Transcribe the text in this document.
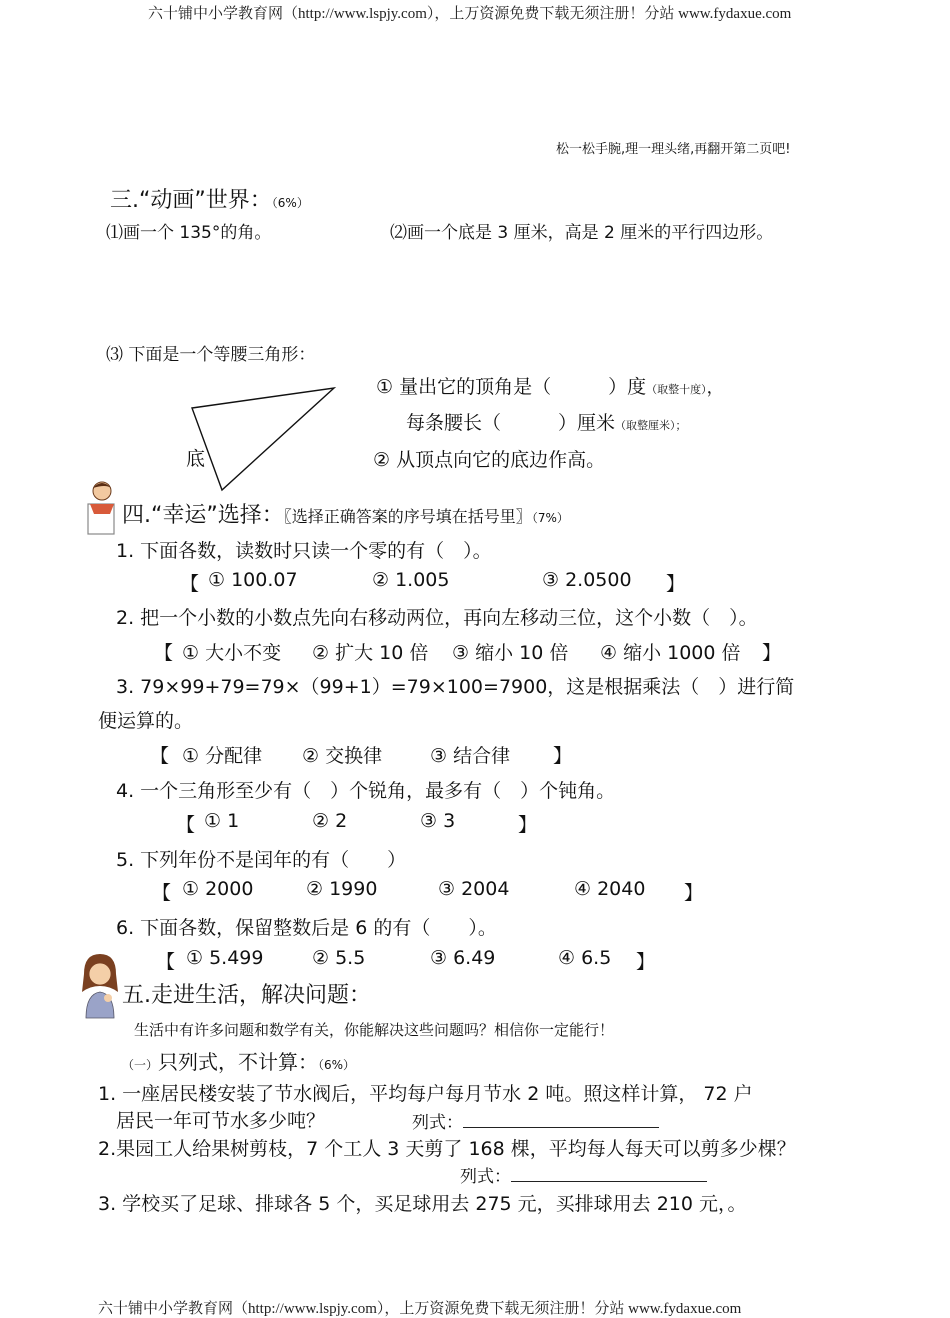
六十铺中小学教育网（http://www.lspjy.com），上万资源免费下载无须注册！分站 www.fydaxue.com
六十铺中小学教育网（http://www.lspjy.com），上万资源免费下载无须注册！分站 www.fydaxue.com
松一松手腕,理一理头绪,再翻开第二页吧!
三.“动画”世界：（6%）
⑴画一个 135°的角。	⑵画一个底是 3 厘米，高是 2 厘米的平行四边形。
⑶ 下面是一个等腰三角形：
底
① 量出它的顶角是（　　　）度（取整十度），
每条腰长（　　　）厘米（取整厘米）；
② 从顶点向它的底边作高。
四.“幸运”选择：〖选择正确答案的序号填在括号里〗（7%）
1. 下面各数，读数时只读一个零的有（　）。
【 ① 100.07	② 1.005	③ 2.0500 】
2. 把一个小数的小数点先向右移动两位，再向左移动三位，这个小数（　）。
【 ① 大小不变 ② 扩大 10 倍 ③ 缩小 10 倍 ④ 缩小 1000 倍 】
3. 79×99+79=79×（99+1）=79×100=7900，这是根据乘法（　）进行简
便运算的。
【 ① 分配律 ② 交换律	③ 结合律 】
4. 一个三角形至少有（　）个锐角，最多有（　）个钝角。
【 ① 1	② 2	③ 3	】
5. 下列年份不是闰年的有（　　）
【 ① 2000	② 1990	③ 2004	④ 2040 】
6. 下面各数，保留整数后是 6 的有（　　）。
【 ① 5.499	② 5.5	③ 6.49	④ 6.5 】
五.走进生活，解决问题：
生活中有许多问题和数学有关，你能解决这些问题吗？相信你一定能行！
（一）只列式，不计算：（6%）
1. 一座居民楼安装了节水阀后，平均每户每月节水 2 吨。照这样计算， 72 户
居民一年可节水多少吨？	列式：
2.果园工人给果树剪枝，7 个工人 3 天剪了 168 棵，平均每人每天可以剪多少棵？
列式：
3. 学校买了足球、排球各 5 个，买足球用去 275 元，买排球用去 210 元，。
